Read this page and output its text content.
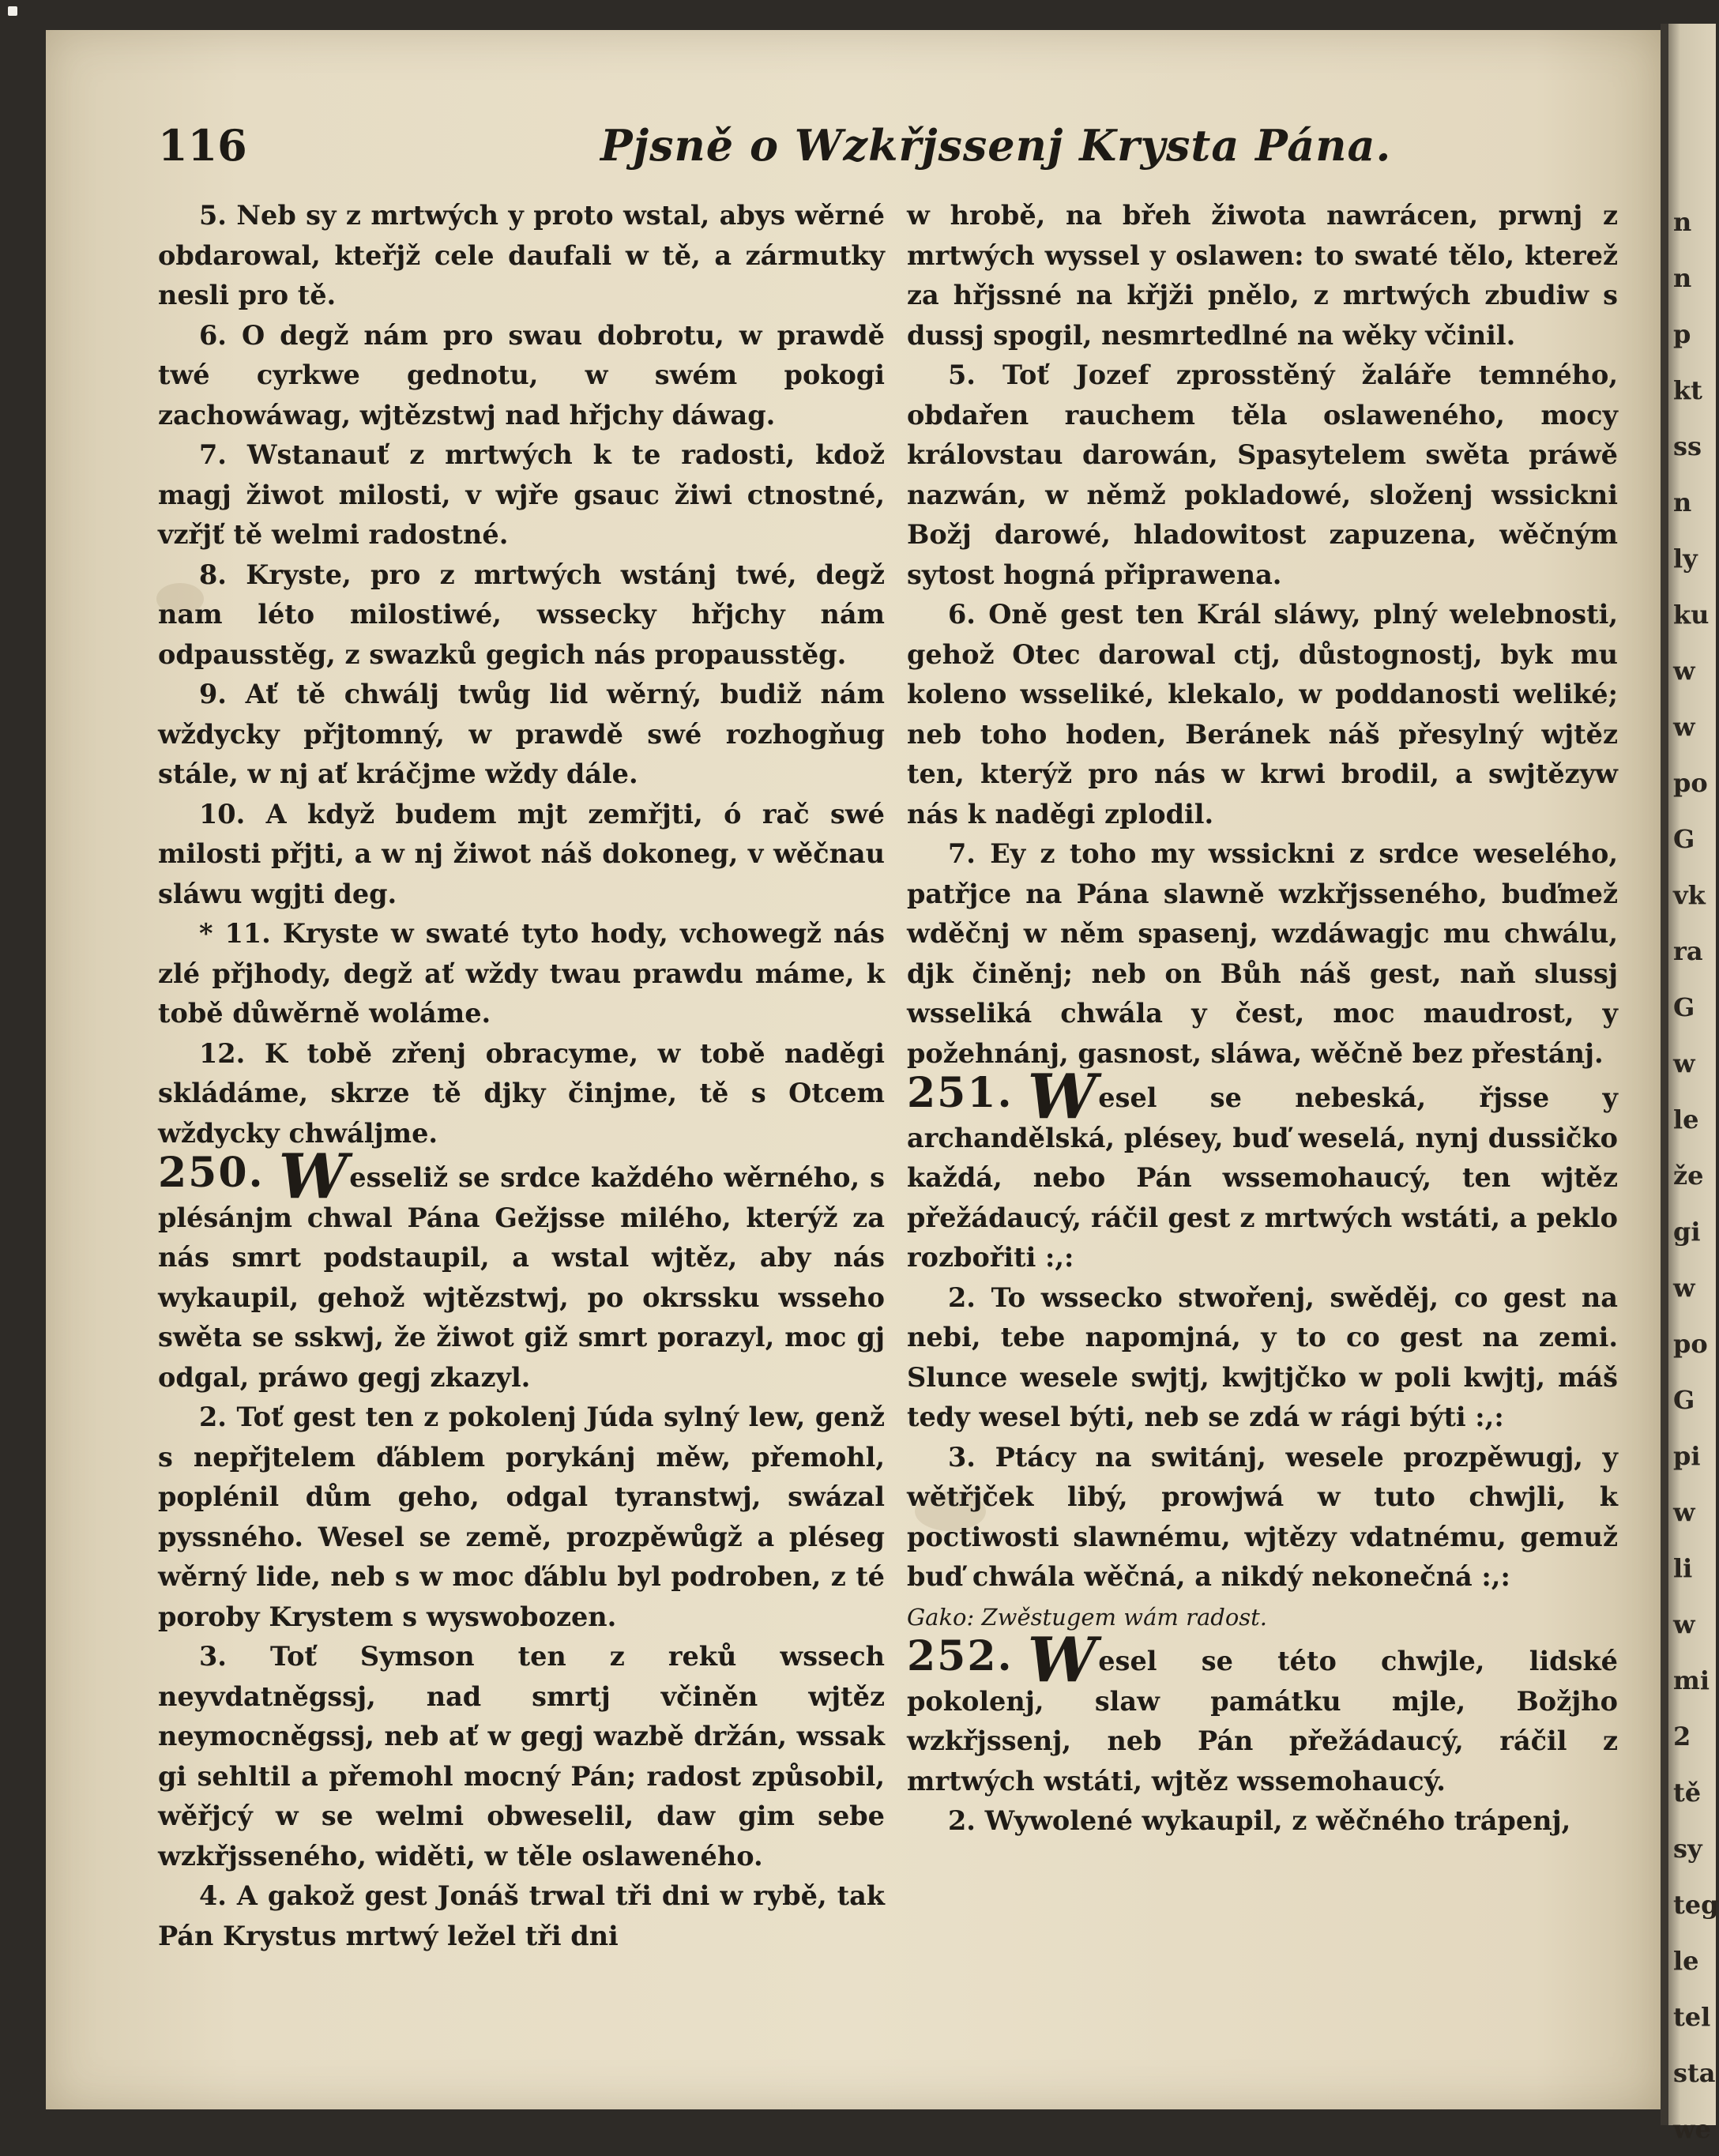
116	Pjsně o Wzkřjssenj Krysta Pána.

5. Neb sy z mrtwých y proto wstal, abys wěrné obdarowal, kteřjž cele daufali w tě, a zármutky nesli pro tě.

6. O degž nám pro swau dobrotu, w prawdě twé cyrkwe gednotu, w swém pokogi zachowáwag, wjtězstwj nad hřjchy dáwag.

7. Wstanauť z mrtwých k te radosti, kdož magj žiwot milosti, v wjře gsauc žiwi ctnostné, vzřjť tě welmi radostné.

8. Kryste, pro z mrtwých wstánj twé, degž nam léto milostiwé, wssecky hřjchy nám odpausstěg, z swazků gegich nás propausstěg.

9. Ať tě chwálj twůg lid wěrný, budiž nám wždycky přjtomný, w prawdě swé rozhogňug stále, w nj ať kráčjme wždy dále.

10. A když budem mjt zemřjti, ó rač swé milosti přjti, a w nj žiwot náš dokoneg, v wěčnau sláwu wgjti deg.

* 11. Kryste w swaté tyto hody, vchowegž nás zlé přjhody, degž ať wždy twau prawdu máme, k tobě důwěrně woláme.

12. K tobě zřenj obracyme, w tobě naděgi skládáme, skrze tě djky činjme, tě s Otcem wždycky chwáljme.

250. Wesseliž se srdce každého wěrného, s plésánjm chwal Pána Gežjsse milého, kterýž za nás smrt podstaupil, a wstal wjtěz, aby nás wykaupil, gehož wjtězstwj, po okrssku wsseho swěta se sskwj, že žiwot giž smrt porazyl, moc gj odgal, práwo gegj zkazyl.

2. Toť gest ten z pokolenj Júda sylný lew, genž s nepřjtelem ďáblem porykánj měw, přemohl, poplénil dům geho, odgal tyranstwj, swázal pyssného. Wesel se země, prozpěwůgž a pléseg wěrný lide, neb s w moc ďáblu byl podroben, z té poroby Krystem s wyswobozen.

3. Toť Symson ten z reků wssech neyvdatněgssj, nad smrtj včiněn wjtěz neymocněgssj, neb ať w gegj wazbě držán, wssak gi sehltil a přemohl mocný Pán; radost způsobil, wěřjcý w se welmi obweselil, daw gim sebe wzkřjsseného, widěti, w těle oslaweného.

4. A gakož gest Jonáš trwal tři dni w rybě, tak Pán Krystus mrtwý ležel tři dni

w hrobě, na břeh žiwota nawrácen, prwnj z mrtwých wyssel y oslawen: to swaté tělo, kterež za hřjssné na křjži pnělo, z mrtwých zbudiw s dussj spogil, nesmrtedlné na wěky včinil.

5. Toť Jozef zprosstěný žaláře temného, obdařen rauchem těla oslaweného, mocy královstau darowán, Spasytelem swěta práwě nazwán, w němž pokladowé, složenj wssickni Božj darowé, hladowitost zapuzena, wěčným sytost hogná připrawena.

6. Oně gest ten Král sláwy, plný welebnosti, gehož Otec darowal ctj, důstognostj, byk mu koleno wsseliké, klekalo, w poddanosti weliké; neb toho hoden, Beránek náš přesylný wjtěz ten, kterýž pro nás w krwi brodil, a swjtězyw nás k naděgi zplodil.

7. Ey z toho my wssickni z srdce weselého, patřjce na Pána slawně wzkřjsseného, buďmež wděčnj w něm spasenj, wzdáwagjc mu chwálu, djk činěnj; neb on Bůh náš gest, naň slussj wsseliká chwála y čest, moc maudrost, y požehnánj, gasnost, sláwa, wěčně bez přestánj.

251. Wesel se nebeská, řjsse y archandělská, plésey, buď weselá, nynj dussičko každá, nebo Pán wssemohaucý, ten wjtěz přežádaucý, ráčil gest z mrtwých wstáti, a peklo rozbořiti :,:

2. To wssecko stwořenj, swěděj, co gest na nebi, tebe napomjná, y to co gest na zemi. Slunce wesele swjtj, kwjtjčko w poli kwjtj, máš tedy wesel býti, neb se zdá w rági býti :,:

3. Ptácy na switánj, wesele prozpěwugj, y wětřjček libý, prowjwá w tuto chwjli, k poctiwosti slawnému, wjtězy vdatnému, gemuž buď chwála wěčná, a nikdý nekonečná :,:

Gako: Zwěstugem wám radost.

252. Wesel se této chwjle, lidské pokolenj, slaw památku mjle, Božjho wzkřjssenj, neb Pán přežádaucý, ráčil z mrtwých wstáti, wjtěz wssemohaucý.

2. Wywolené wykaupil, z wěčného trápenj,

n
n
p
kt
ss
n
ly
ku
w
w
po
G
vk
ra
G
w
le
že
gi
w
po
G
pi
w
li
w
mi
2
tě
sy
teg
le
tel
sta
we
